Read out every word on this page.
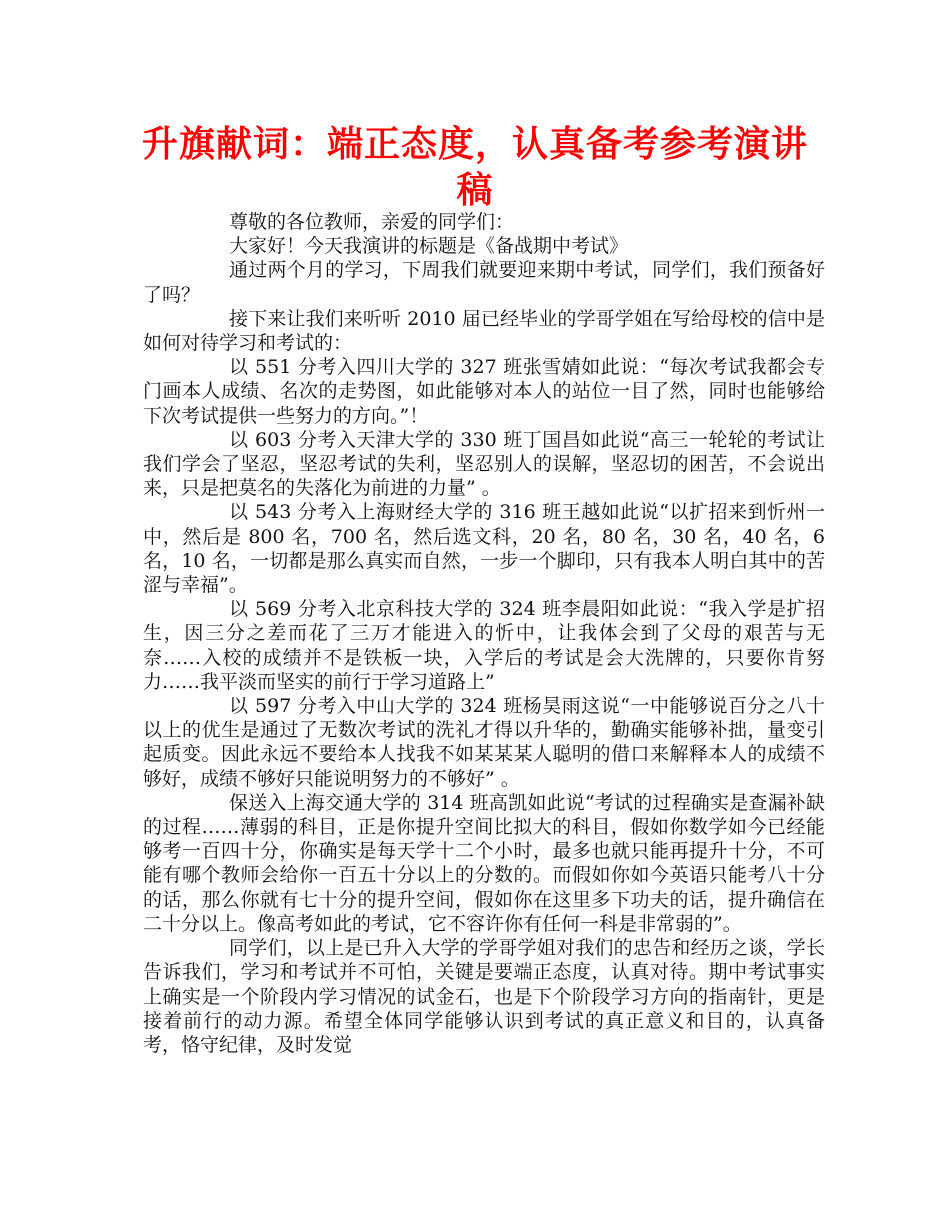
升旗献词：端正态度，认真备考参考演讲稿

尊敬的各位教师，亲爱的同学们：

大家好！今天我演讲的标题是《备战期中考试》

通过两个月的学习，下周我们就要迎来期中考试，同学们，我们预备好了吗？

接下来让我们来听听 2010 届已经毕业的学哥学姐在写给母校的信中是如何对待学习和考试的：

以 551 分考入四川大学的 327 班张雪婧如此说：“每次考试我都会专门画本人成绩、名次的走势图，如此能够对本人的站位一目了然，同时也能够给下次考试提供一些努力的方向。”！

以 603 分考入天津大学的 330 班丁国昌如此说“高三一轮轮的考试让我们学会了坚忍，坚忍考试的失利，坚忍别人的误解，坚忍切的困苦，不会说出来，只是把莫名的失落化为前进的力量” 。

以 543 分考入上海财经大学的 316 班王越如此说“以扩招来到忻州一中，然后是 800 名，700 名，然后选文科，20 名，80 名，30 名，40 名，6 名，10 名，一切都是那么真实而自然，一步一个脚印，只有我本人明白其中的苦涩与幸福”。

以 569 分考入北京科技大学的 324 班李晨阳如此说：“我入学是扩招生，因三分之差而花了三万才能进入的忻中，让我体会到了父母的艰苦与无奈……入校的成绩并不是铁板一块，入学后的考试是会大洗牌的，只要你肯努力……我平淡而坚实的前行于学习道路上”

以 597 分考入中山大学的 324 班杨昊雨这说“一中能够说百分之八十以上的优生是通过了无数次考试的洗礼才得以升华的，勤确实能够补拙，量变引起质变。因此永远不要给本人找我不如某某某人聪明的借口来解释本人的成绩不够好，成绩不够好只能说明努力的不够好” 。

保送入上海交通大学的 314 班高凯如此说“考试的过程确实是查漏补缺的过程……薄弱的科目，正是你提升空间比拟大的科目，假如你数学如今已经能够考一百四十分，你确实是每天学十二个小时，最多也就只能再提升十分，不可能有哪个教师会给你一百五十分以上的分数的。而假如你如今英语只能考八十分的话，那么你就有七十分的提升空间，假如你在这里多下功夫的话，提升确信在二十分以上。像高考如此的考试，它不容许你有任何一科是非常弱的”。

同学们，以上是已升入大学的学哥学姐对我们的忠告和经历之谈，学长告诉我们，学习和考试并不可怕，关键是要端正态度，认真对待。期中考试事实上确实是一个阶段内学习情况的试金石，也是下个阶段学习方向的指南针，更是接着前行的动力源。希望全体同学能够认识到考试的真正意义和目的，认真备考，恪守纪律，及时发觉
